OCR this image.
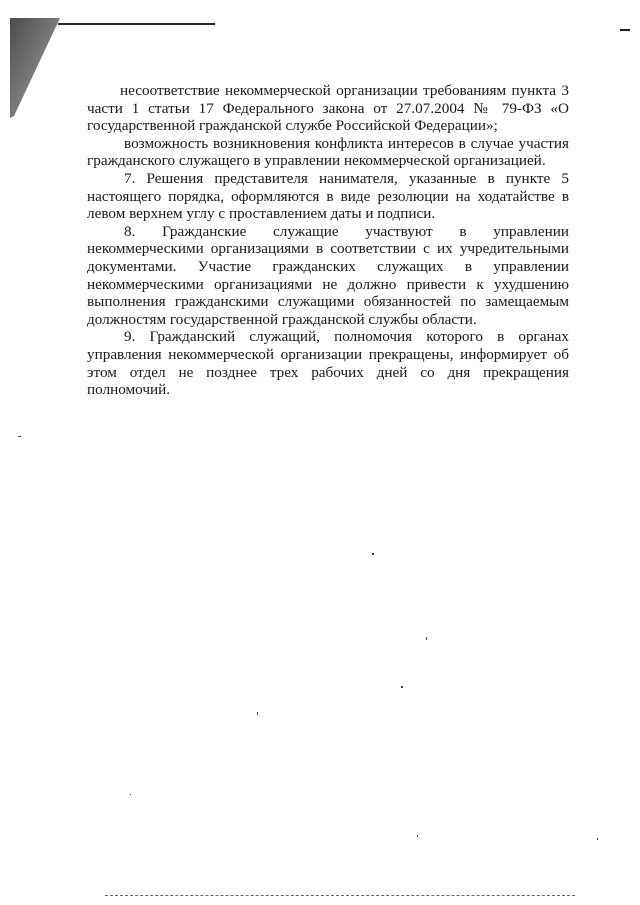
несоответствие некоммерческой организации требованиям пункта 3 части 1 статьи 17 Федерального закона от 27.07.2004 № 79-ФЗ «О государственной гражданской службе Российской Федерации»;

возможность возникновения конфликта интересов в случае участия гражданского служащего в управлении некоммерческой организацией.

7. Решения представителя нанимателя, указанные в пункте 5 настоящего порядка, оформляются в виде резолюции на ходатайстве в левом верхнем углу с проставлением даты и подписи.

8. Гражданские служащие участвуют в управлении некоммерческими организациями в соответствии с их учредительными документами. Участие гражданских служащих в управлении некоммерческими организациями не должно привести к ухудшению выполнения гражданскими служащими обязанностей по замещаемым должностям государственной гражданской службы области.

9. Гражданский служащий, полномочия которого в органах управления некоммерческой организации прекращены, информирует об этом отдел не позднее трех рабочих дней со дня прекращения полномочий.
